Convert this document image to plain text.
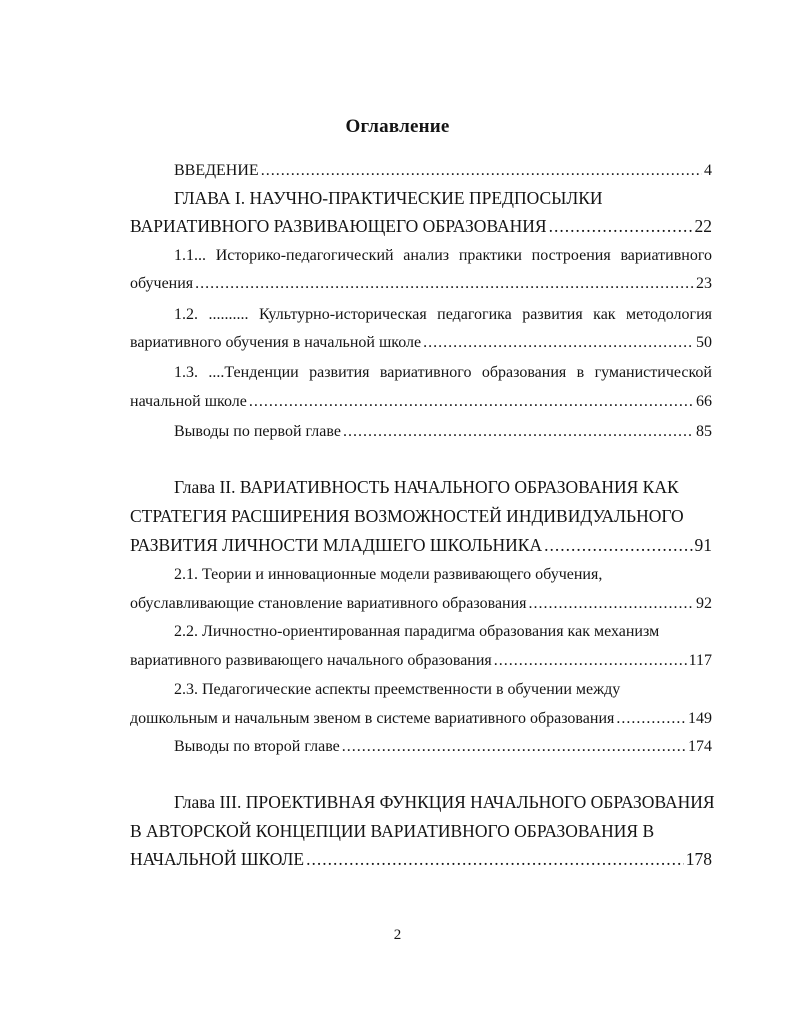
Оглавление
ВВЕДЕНИЕ .....	4
ГЛАВА I. НАУЧНО-ПРАКТИЧЕСКИЕ ПРЕДПОСЫЛКИ
ВАРИАТИВНОГО РАЗВИВАЮЩЕГО ОБРАЗОВАНИЯ .....	22
1.1... Историко-педагогический анализ практики построения вариативного
обучения .....	23
1.2. .......... Культурно-историческая педагогика развития как методология
вариативного обучения в начальной школе .....	50
1.3. ....Тенденции развития вариативного образования в гуманистической
начальной школе .....	66
Выводы по первой главе .....	85
Глава II. ВАРИАТИВНОСТЬ НАЧАЛЬНОГО ОБРАЗОВАНИЯ КАК
СТРАТЕГИЯ РАСШИРЕНИЯ ВОЗМОЖНОСТЕЙ ИНДИВИДУАЛЬНОГО
РАЗВИТИЯ ЛИЧНОСТИ МЛАДШЕГО ШКОЛЬНИКА .....	91
2.1. Теории и инновационные модели развивающего обучения,
обуславливающие становление вариативного образования .....	92
2.2. Личностно-ориентированная парадигма образования как механизм
вариативного развивающего начального образования .....	117
2.3. Педагогические аспекты преемственности в обучении между
дошкольным и начальным звеном в системе вариативного образования .....	149
Выводы по второй главе .....	174
Глава III. ПРОЕКТИВНАЯ ФУНКЦИЯ НАЧАЛЬНОГО ОБРАЗОВАНИЯ
В АВТОРСКОЙ КОНЦЕПЦИИ ВАРИАТИВНОГО ОБРАЗОВАНИЯ В
НАЧАЛЬНОЙ ШКОЛЕ .....	178
2
